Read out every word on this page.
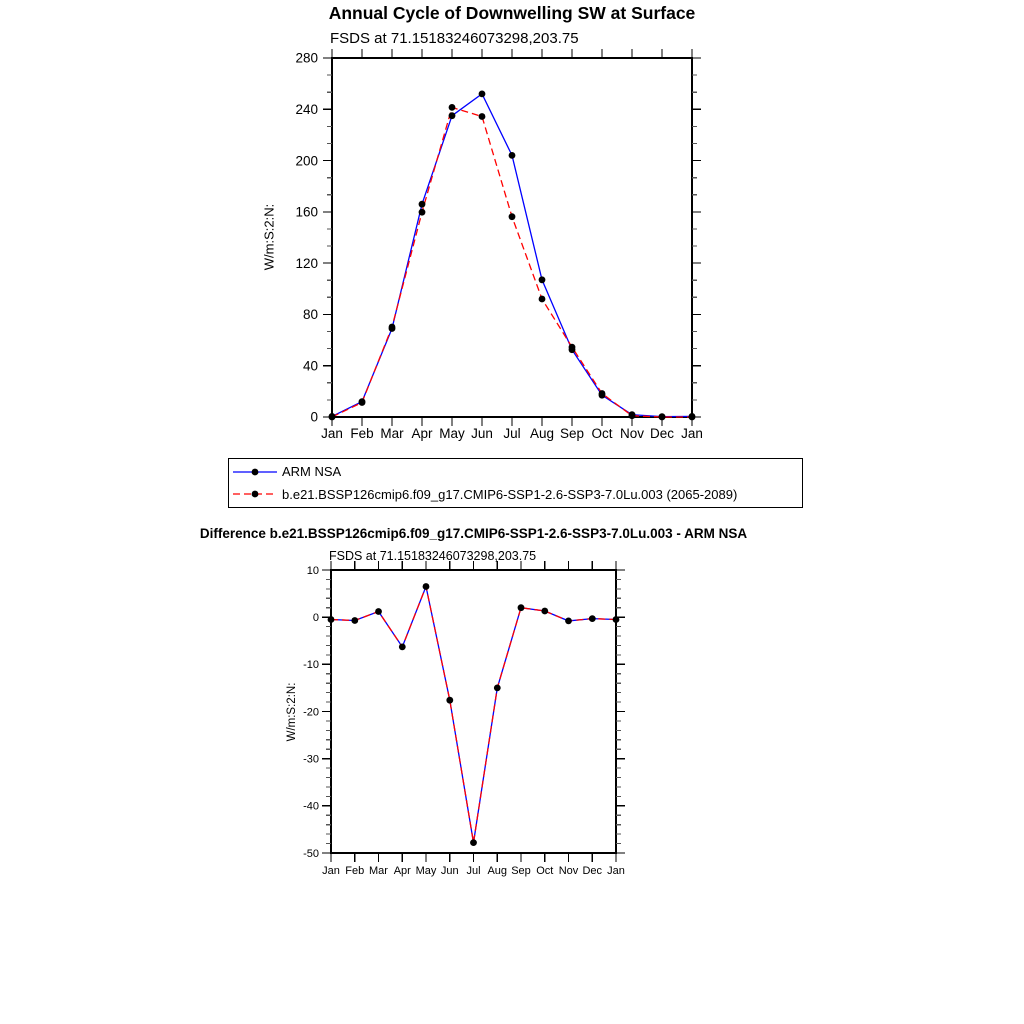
Annual Cycle of Downwelling SW at Surface
FSDS at 71.15183246073298,203.75
W/m:S:2:N:
0
40
80
120
160
200
240
280
Jan Feb Mar Apr May Jun Jul Aug Sep Oct Nov Dec Jan
-50
-40
-30
-20
-10
0
10
Jan Feb Mar Apr May Jun Jul Aug Sep Oct Nov Dec Jan
ARM NSA
b.e21.BSSP126cmip6.f09_g17.CMIP6-SSP1-2.6-SSP3-7.0Lu.003 (2065-2089)
Difference b.e21.BSSP126cmip6.f09_g17.CMIP6-SSP1-2.6-SSP3-7.0Lu.003 - ARM NSA
FSDS at 71.15183246073298,203.75
W/m:S:2:N:
